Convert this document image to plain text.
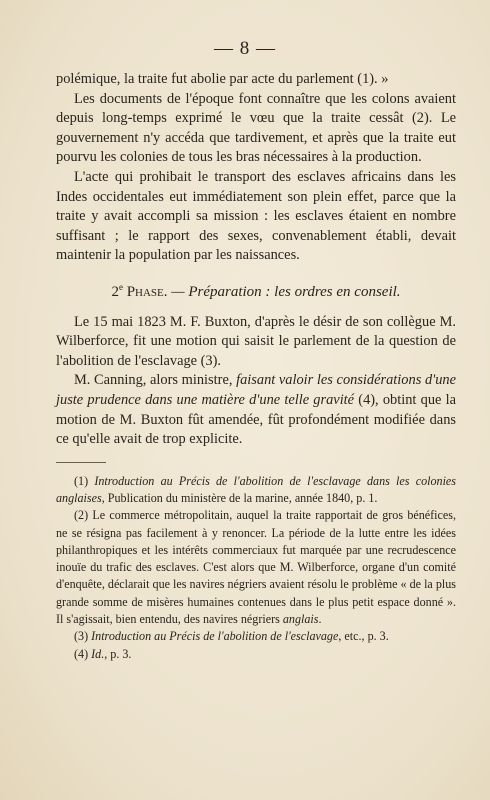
— 8 —

polémique, la traite fut abolie par acte du parlement (1). »

Les documents de l'époque font connaître que les colons avaient depuis long-temps exprimé le vœu que la traite cessât (2). Le gouvernement n'y accéda que tardivement, et après que la traite eut pourvu les colonies de tous les bras nécessaires à la production.

L'acte qui prohibait le transport des esclaves africains dans les Indes occidentales eut immédiatement son plein effet, parce que la traite y avait accompli sa mission : les esclaves étaient en nombre suffisant ; le rapport des sexes, convenablement établi, devait maintenir la population par les naissances.

2e Phase. — Préparation : les ordres en conseil.

Le 15 mai 1823 M. F. Buxton, d'après le désir de son collègue M. Wilberforce, fit une motion qui saisit le parlement de la question de l'abolition de l'esclavage (3).

M. Canning, alors ministre, faisant valoir les considérations d'une juste prudence dans une matière d'une telle gravité (4), obtint que la motion de M. Buxton fût amendée, fût profondément modifiée dans ce qu'elle avait de trop explicite.

(1) Introduction au Précis de l'abolition de l'esclavage dans les colonies anglaises, Publication du ministère de la marine, année 1840, p. 1.

(2) Le commerce métropolitain, auquel la traite rapportait de gros bénéfices, ne se résigna pas facilement à y renoncer. La période de la lutte entre les idées philanthropiques et les intérêts commerciaux fut marquée par une recrudescence inouïe du trafic des esclaves. C'est alors que M. Wilberforce, organe d'un comité d'enquête, déclarait que les navires négriers avaient résolu le problème « de la plus grande somme de misères humaines contenues dans le plus petit espace donné ». Il s'agissait, bien entendu, des navires négriers anglais.

(3) Introduction au Précis de l'abolition de l'esclavage, etc., p. 3.

(4) Id., p. 3.
